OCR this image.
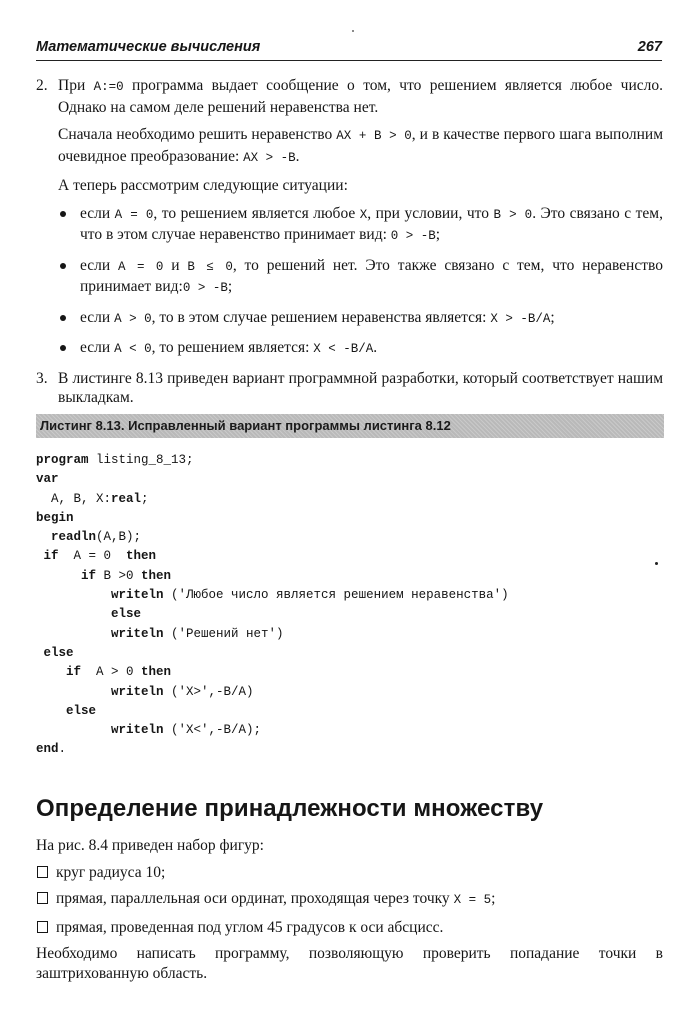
Математические вычисления	267
2. При A:=0 программа выдает сообщение о том, что решением является любое число. Однако на самом деле решений неравенства нет.

Сначала необходимо решить неравенство AX + B > 0, и в качестве первого шага выполним очевидное преобразование: AX > -B.

А теперь рассмотрим следующие ситуации:

если A = 0, то решением является любое X, при условии, что B > 0. Это связано с тем, что в этом случае неравенство принимает вид: 0 > -B;
если A = 0 и B ≤ 0, то решений нет. Это также связано с тем, что неравенство принимает вид:0 > -B;
если A > 0, то в этом случае решением неравенства является: X > -B/A;
если A < 0, то решением является: X < -B/A.
3. В листинге 8.13 приведен вариант программной разработки, который соответствует нашим выкладкам.

Листинг 8.13. Исправленный вариант программы листинга 8.12
program listing_8_13;
var
A, B, X:real;
begin
readln(A,B);
if  A = 0  then
if B >0 then
writeln ('Любое число является решением неравенства')
else
writeln ('Решений нет')
else
if  A > 0 then
writeln ('X>',-B/A)
else
writeln ('X<',-B/A);
end.
Определение принадлежности множеству

На рис. 8.4 приведен набор фигур:

круг радиуса 10;
прямая, параллельная оси ординат, проходящая через точку X = 5;
прямая, проведенная под углом 45 градусов к оси абсцисс.

Необходимо написать программу, позволяющую проверить попадание точки в заштрихованную область.
